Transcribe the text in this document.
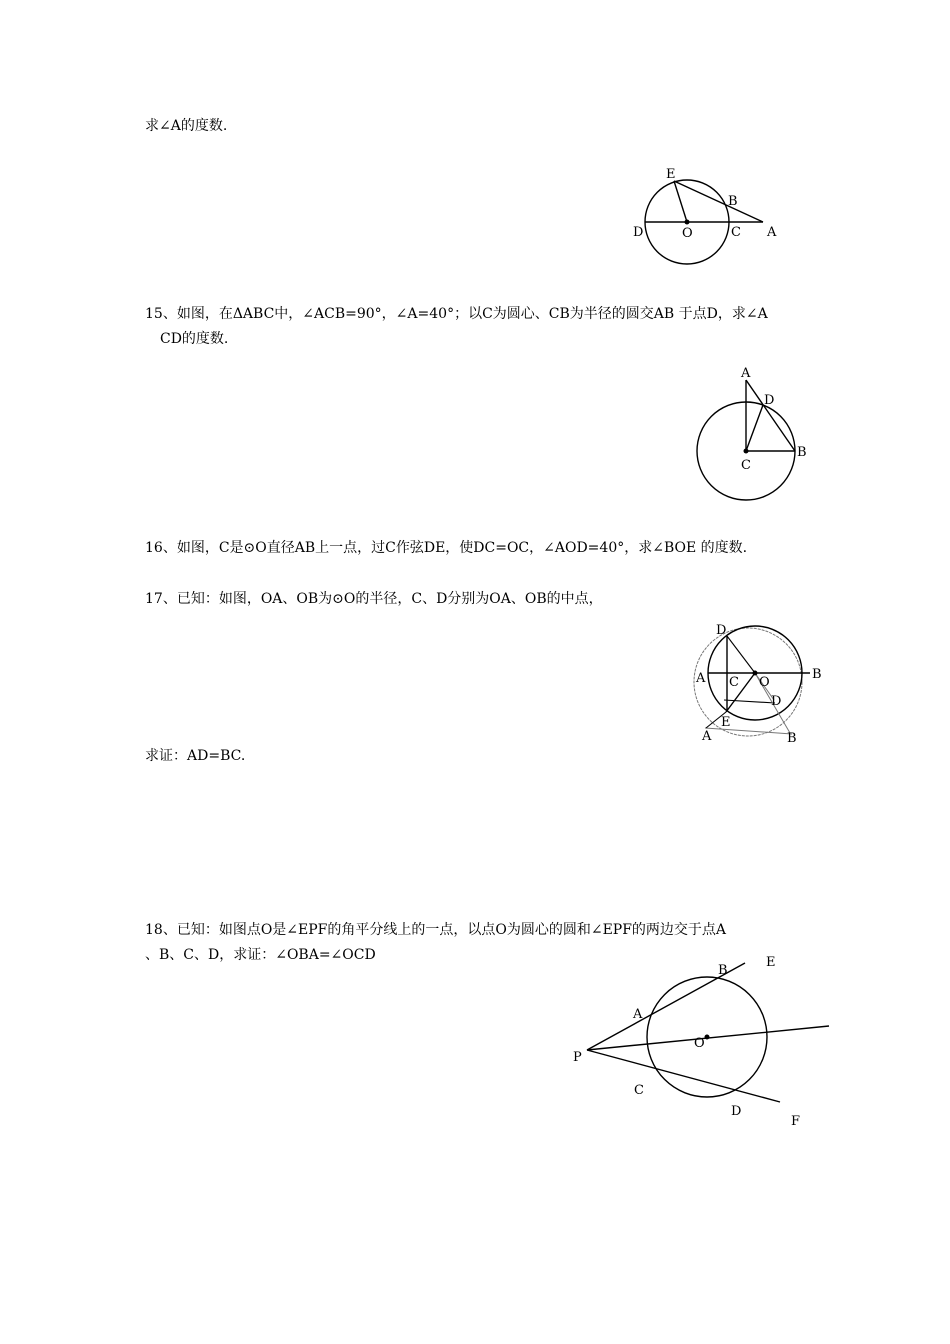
求∠A的度数.
E
B
D	O	C A
15、如图，在ΔABC中，∠ACB=90°，∠A=40°；以C为圆心、CB为半径的圆交AB 于点D，求∠A
CD的度数.
A
D
B
C
16、如图，C是⊙O直径AB上一点，过C作弦DE，使DC=OC，∠AOD=40°，求∠BOE 的度数.
17、已知：如图，OA、OB为⊙O的半径，C、D分别为OA、OB的中点，
D
B
A C O
E
D
A	B
求证：AD=BC.
18、已知：如图点O是∠EPF的角平分线上的一点，以点O为圆心的圆和∠EPF的两边交于点A
、B、C、D，求证：∠OBA=∠OCD
B
E
A
P
O
C
D
F
